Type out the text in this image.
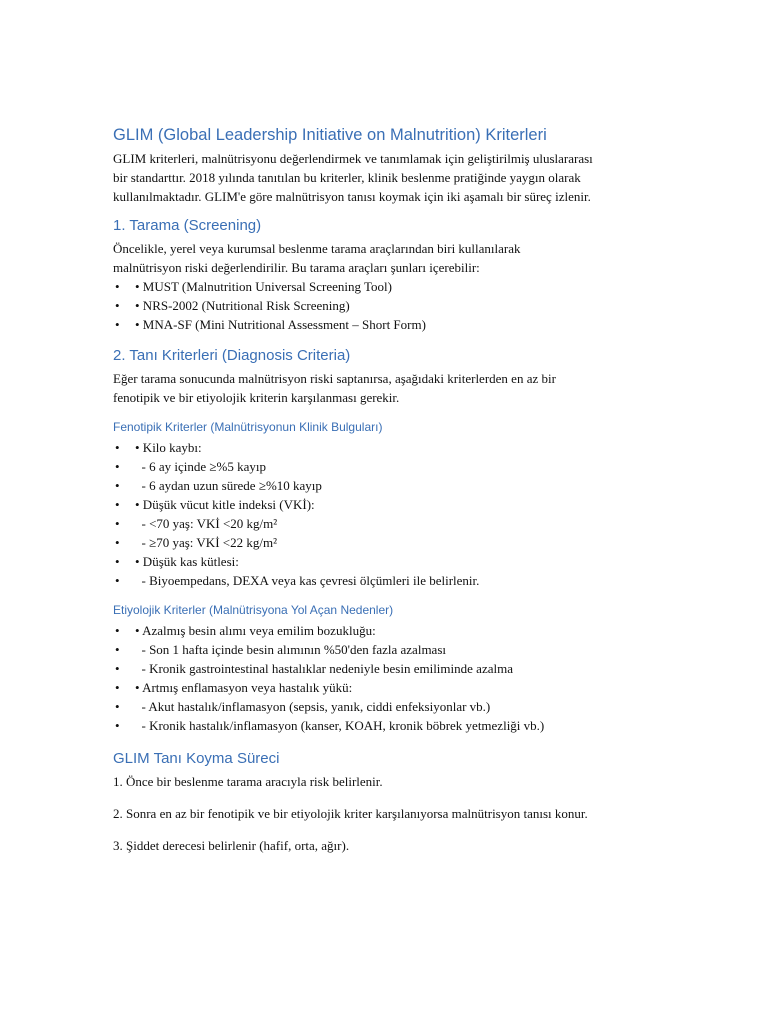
GLIM (Global Leadership Initiative on Malnutrition) Kriterleri
GLIM kriterleri, malnütrisyonu değerlendirmek ve tanımlamak için geliştirilmiş uluslararası
bir standarttır. 2018 yılında tanıtılan bu kriterler, klinik beslenme pratiğinde yaygın olarak
kullanılmaktadır. GLIM'e göre malnütrisyon tanısı koymak için iki aşamalı bir süreç izlenir.
1. Tarama (Screening)
Öncelikle, yerel veya kurumsal beslenme tarama araçlarından biri kullanılarak
malnütrisyon riski değerlendirilir. Bu tarama araçları şunları içerebilir:
• • MUST (Malnutrition Universal Screening Tool)
• • NRS-2002 (Nutritional Risk Screening)
• • MNA-SF (Mini Nutritional Assessment – Short Form)
2. Tanı Kriterleri (Diagnosis Criteria)
Eğer tarama sonucunda malnütrisyon riski saptanırsa, aşağıdaki kriterlerden en az bir
fenotipik ve bir etiyolojik kriterin karşılanması gerekir.
Fenotipik Kriterler (Malnütrisyonun Klinik Bulguları)
• • Kilo kaybı:
•   - 6 ay içinde ≥%5 kayıp
•   - 6 aydan uzun sürede ≥%10 kayıp
• • Düşük vücut kitle indeksi (VKİ):
•   - <70 yaş: VKİ <20 kg/m²
•   - ≥70 yaş: VKİ <22 kg/m²
• • Düşük kas kütlesi:
•   - Biyoempedans, DEXA veya kas çevresi ölçümleri ile belirlenir.
Etiyolojik Kriterler (Malnütrisyona Yol Açan Nedenler)
• • Azalmış besin alımı veya emilim bozukluğu:
•   - Son 1 hafta içinde besin alımının %50'den fazla azalması
•   - Kronik gastrointestinal hastalıklar nedeniyle besin emiliminde azalma
• • Artmış enflamasyon veya hastalık yükü:
•   - Akut hastalık/inflamasyon (sepsis, yanık, ciddi enfeksiyonlar vb.)
•   - Kronik hastalık/inflamasyon (kanser, KOAH, kronik böbrek yetmezliği vb.)
GLIM Tanı Koyma Süreci
1. Önce bir beslenme tarama aracıyla risk belirlenir.
2. Sonra en az bir fenotipik ve bir etiyolojik kriter karşılanıyorsa malnütrisyon tanısı konur.
3. Şiddet derecesi belirlenir (hafif, orta, ağır).
